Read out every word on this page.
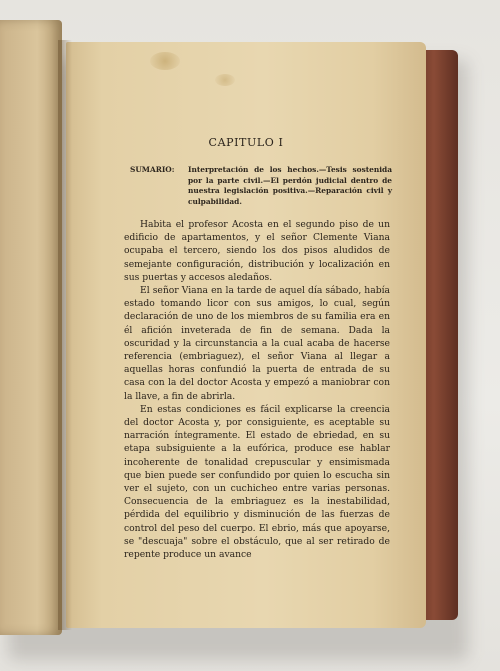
CAPITULO I
SUMARIO:	Interpretación de los hechos.—Tesis sostenida por la parte civil.—El perdón judicial dentro de nuestra legislación positiva.—Reparación civil y culpabilidad.

Habita el profesor Acosta en el segundo piso de un edificio de apartamentos, y el señor Clemente Viana ocupaba el tercero, siendo los dos pisos aludidos de semejante configuración, distribución y localización en sus puertas y accesos aledaños.

El señor Viana en la tarde de aquel día sábado, había estado tomando licor con sus amigos, lo cual, según declaración de uno de los miembros de su familia era en él afición inveterada de fin de semana. Dada la oscuridad y la circunstancia a la cual acaba de hacerse referencia (embriaguez), el señor Viana al llegar a aquellas horas confundió la puerta de entrada de su casa con la del doctor Acosta y empezó a maniobrar con la llave, a fin de abrirla.

En estas condiciones es fácil explicarse la creencia del doctor Acosta y, por consiguiente, es aceptable su narración íntegramente. El estado de ebriedad, en su etapa subsiguiente a la eufórica, produce ese hablar incoherente de tonalidad crepuscular y ensimismada que bien puede ser confundido por quien lo escucha sin ver el sujeto, con un cuchicheo entre varias personas. Consecuencia de la embriaguez es la inestabilidad, pérdida del equilibrio y disminución de las fuerzas de control del peso del cuerpo. El ebrio, más que apoyarse, se "descuaja" sobre el obstáculo, que al ser retirado de repente produce un avance
